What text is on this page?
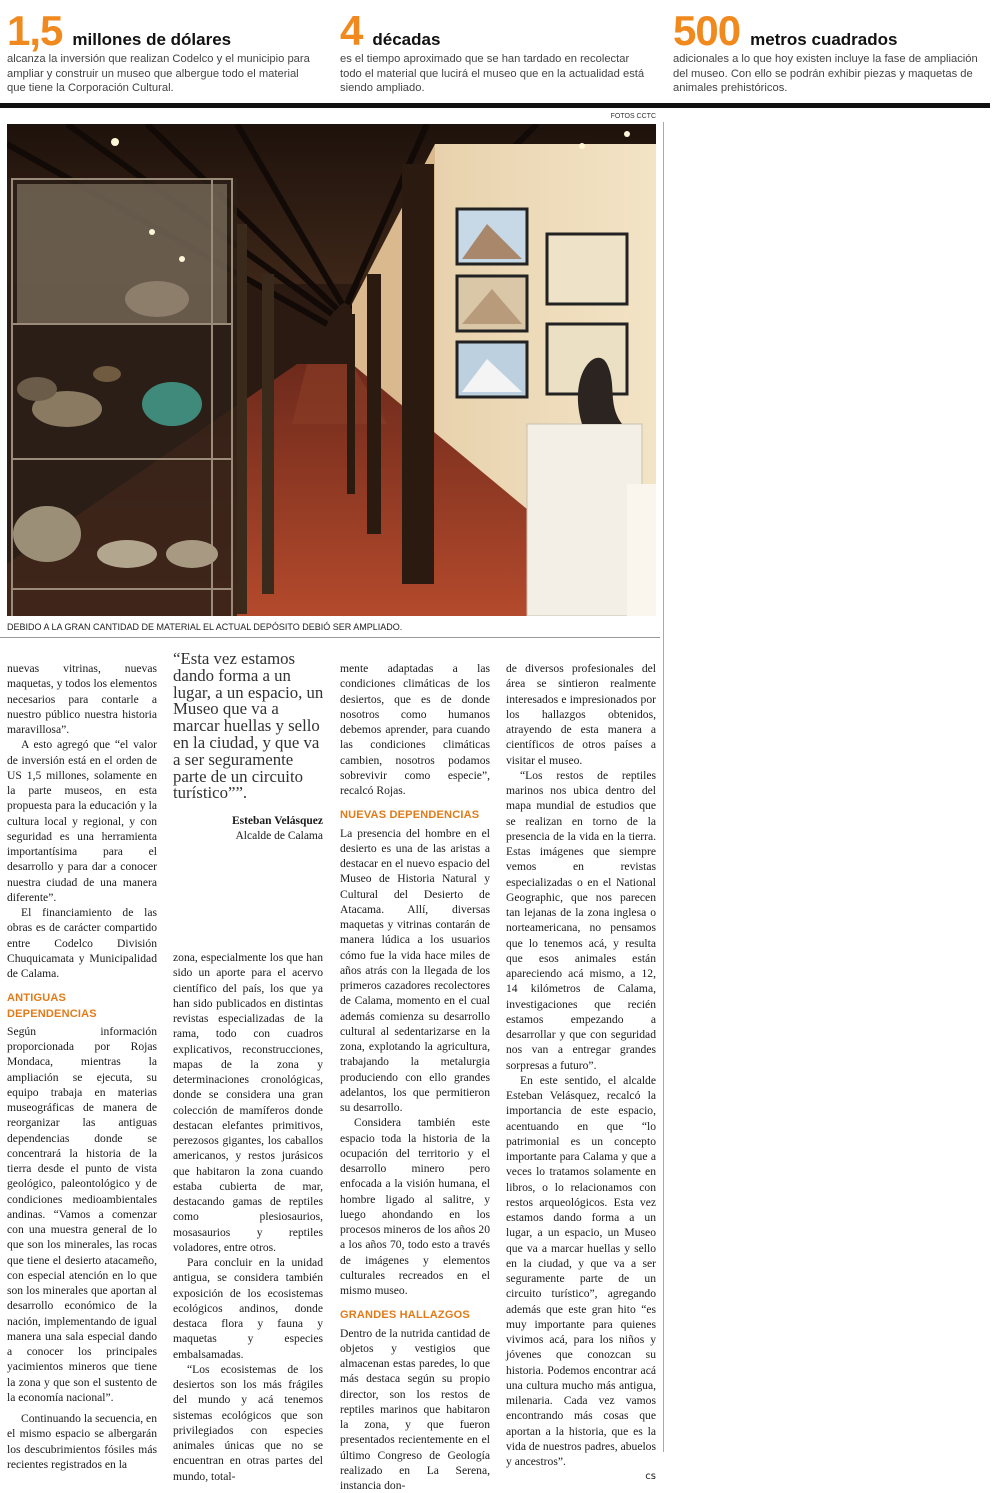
1,5 millones de dólares
alcanza la inversión que realizan Codelco y el municipio para ampliar y construir un museo que albergue todo el material que tiene la Corporación Cultural.
4 décadas
es el tiempo aproximado que se han tardado en recolectar todo el material que lucirá el museo que en la actualidad está siendo ampliado.
500 metros cuadrados
adicionales a lo que hoy existen incluye la fase de ampliación del museo. Con ello se podrán exhibir piezas y maquetas de animales prehistóricos.
FOTOS CCTC
DEBIDO A LA GRAN CANTIDAD DE MATERIAL EL ACTUAL DEPÓSITO DEBIÓ SER AMPLIADO.

nuevas vitrinas, nuevas maquetas, y todos los elementos necesarios para contarle a nuestro público nuestra historia maravillosa”.

A esto agregó que “el valor de inversión está en el orden de US 1,5 millones, solamente en la parte museos, en esta propuesta para la educación y la cultura local y regional, y con seguridad es una herramienta importantísima para el desarrollo y para dar a conocer nuestra ciudad de una manera diferente”.

El financiamiento de las obras es de carácter compartido entre Codelco División Chuquicamata y Municipalidad de Calama.

ANTIGUAS DEPENDENCIAS

Según información proporcionada por Rojas Mondaca, mientras la ampliación se ejecuta, su equipo trabaja en materias museográficas de manera de reorganizar las antiguas dependencias donde se concentrará la historia de la tierra desde el punto de vista geológico, paleontológico y de condiciones medioambientales andinas. “Vamos a comenzar con una muestra general de lo que son los minerales, las rocas que tiene el desierto atacameño, con especial atención en lo que son los minerales que aportan al desarrollo económico de la nación, implementando de igual manera una sala especial dando a conocer los principales yacimientos mineros que tiene la zona y que son el sustento de la economía nacional”.

Continuando la secuencia, en el mismo espacio se albergarán los descubrimientos fósiles más recientes registrados en la

“Esta vez estamos dando forma a un lugar, a un espacio, un Museo que va a marcar huellas y sello en la ciudad, y que va a ser seguramente parte de un circuito turístico””.
Esteban Velásquez
Alcalde de Calama

zona, especialmente los que han sido un aporte para el acervo científico del país, los que ya han sido publicados en distintas revistas especializadas de la rama, todo con cuadros explicativos, reconstrucciones, mapas de la zona y determinaciones cronológicas, donde se considera una gran colección de mamíferos donde destacan elefantes primitivos, perezosos gigantes, los caballos americanos, y restos jurásicos que habitaron la zona cuando estaba cubierta de mar, destacando gamas de reptiles como plesiosaurios, mosasaurios y reptiles voladores, entre otros.

Para concluir en la unidad antigua, se considera también exposición de los ecosistemas ecológicos andinos, donde destaca flora y fauna y maquetas y especies embalsamadas.

“Los ecosistemas de los desiertos son los más frágiles del mundo y acá tenemos sistemas ecológicos que son privilegiados con especies animales únicas que no se encuentran en otras partes del mundo, total-

mente adaptadas a las condiciones climáticas de los desiertos, que es de donde nosotros como humanos debemos aprender, para cuando las condiciones climáticas cambien, nosotros podamos sobrevivir como especie”, recalcó Rojas.

NUEVAS DEPENDENCIAS

La presencia del hombre en el desierto es una de las aristas a destacar en el nuevo espacio del Museo de Historia Natural y Cultural del Desierto de Atacama. Allí, diversas maquetas y vitrinas contarán de manera lúdica a los usuarios cómo fue la vida hace miles de años atrás con la llegada de los primeros cazadores recolectores de Calama, momento en el cual además comienza su desarrollo cultural al sedentarizarse en la zona, explotando la agricultura, trabajando la metalurgia produciendo con ello grandes adelantos, los que permitieron su desarrollo.

Considera también este espacio toda la historia de la ocupación del territorio y el desarrollo minero pero enfocada a la visión humana, el hombre ligado al salitre, y luego ahondando en los procesos mineros de los años 20 a los años 70, todo esto a través de imágenes y elementos culturales recreados en el mismo museo.

GRANDES HALLAZGOS

Dentro de la nutrida cantidad de objetos y vestigios que almacenan estas paredes, lo que más destaca según su propio director, son los restos de reptiles marinos que habitaron la zona, y que fueron presentados recientemente en el último Congreso de Geología realizado en La Serena, instancia don-

de diversos profesionales del área se sintieron realmente interesados e impresionados por los hallazgos obtenidos, atrayendo de esta manera a científicos de otros países a visitar el museo.

“Los restos de reptiles marinos nos ubica dentro del mapa mundial de estudios que se realizan en torno de la presencia de la vida en la tierra. Estas imágenes que siempre vemos en revistas especializadas o en el National Geographic, que nos parecen tan lejanas de la zona inglesa o norteamericana, no pensamos que lo tenemos acá, y resulta que esos animales están apareciendo acá mismo, a 12, 14 kilómetros de Calama, investigaciones que recién estamos empezando a desarrollar y que con seguridad nos van a entregar grandes sorpresas a futuro”.

En este sentido, el alcalde Esteban Velásquez, recalcó la importancia de este espacio, acentuando en que “lo patrimonial es un concepto importante para Calama y que a veces lo tratamos solamente en libros, o lo relacionamos con restos arqueológicos. Esta vez estamos dando forma a un lugar, a un espacio, un Museo que va a marcar huellas y sello en la ciudad, y que va a ser seguramente parte de un circuito turístico”, agregando además que este gran hito “es muy importante para quienes vivimos acá, para los niños y jóvenes que conozcan su historia. Podemos encontrar acá una cultura mucho más antigua, milenaria. Cada vez vamos encontrando más cosas que aportan a la historia, que es la vida de nuestros padres, abuelos y ancestros”.

cs
